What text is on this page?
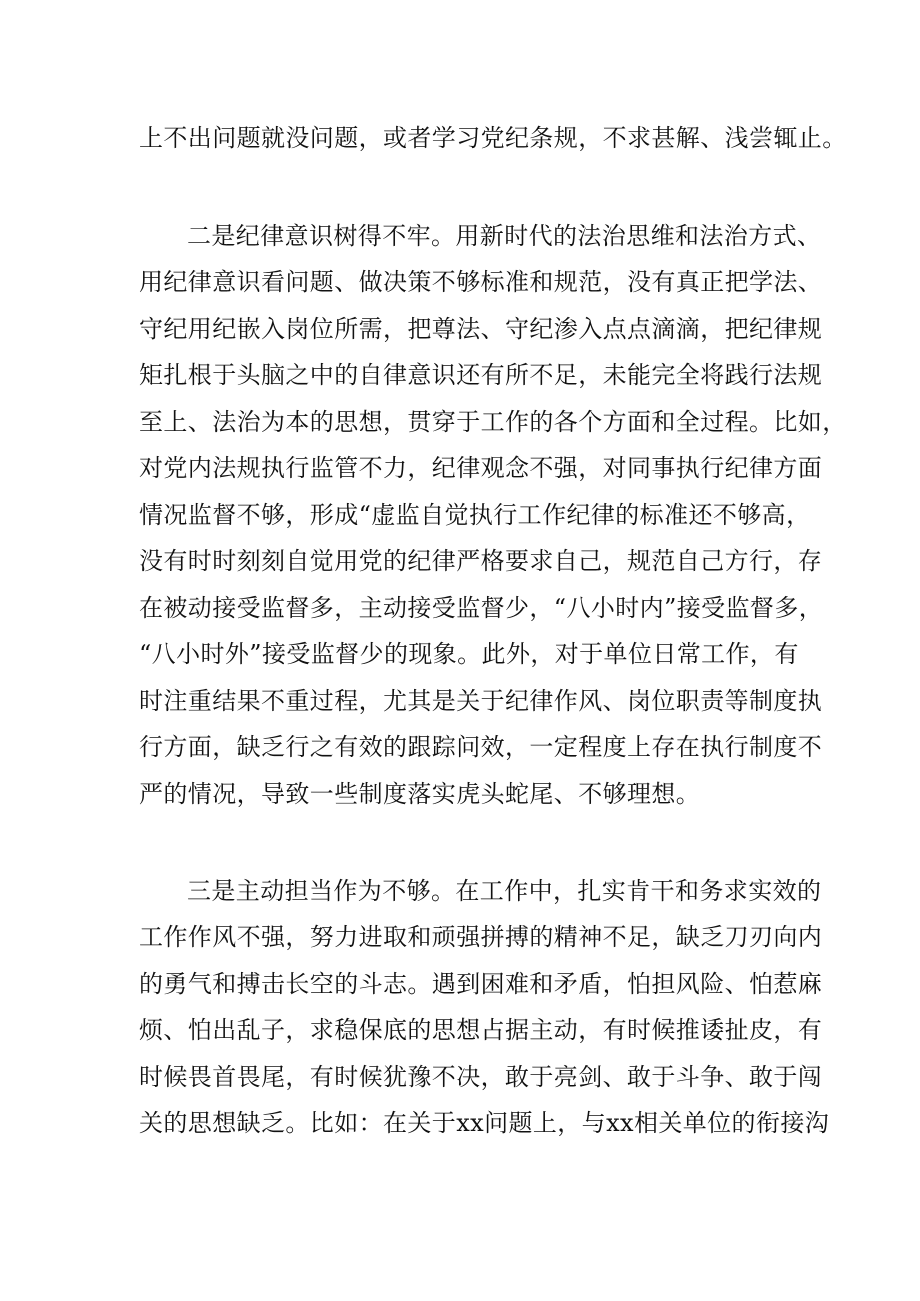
上不出问题就没问题，或者学习党纪条规，不求甚解、浅尝辄止。
二是纪律意识树得不牢。用新时代的法治思维和法治方式、
用纪律意识看问题、做决策不够标准和规范，没有真正把学法、
守纪用纪嵌入岗位所需，把尊法、守纪渗入点点滴滴，把纪律规
矩扎根于头脑之中的自律意识还有所不足，未能完全将践行法规
至上、法治为本的思想，贯穿于工作的各个方面和全过程。比如，
对党内法规执行监管不力，纪律观念不强，对同事执行纪律方面
情况监督不够，形成“虚监自觉执行工作纪律的标准还不够高，
没有时时刻刻自觉用党的纪律严格要求自己，规范自己方行，存
在被动接受监督多，主动接受监督少，“八小时内”接受监督多，
“八小时外”接受监督少的现象。此外，对于单位日常工作，有
时注重结果不重过程，尤其是关于纪律作风、岗位职责等制度执
行方面，缺乏行之有效的跟踪问效，一定程度上存在执行制度不
严的情况，导致一些制度落实虎头蛇尾、不够理想。
三是主动担当作为不够。在工作中，扎实肯干和务求实效的
工作作风不强，努力进取和顽强拼搏的精神不足，缺乏刀刃向内
的勇气和搏击长空的斗志。遇到困难和矛盾，怕担风险、怕惹麻
烦、怕出乱子，求稳保底的思想占据主动，有时候推诿扯皮，有
时候畏首畏尾，有时候犹豫不决，敢于亮剑、敢于斗争、敢于闯
关的思想缺乏。比如：在关于xx问题上，与xx相关单位的衔接沟
